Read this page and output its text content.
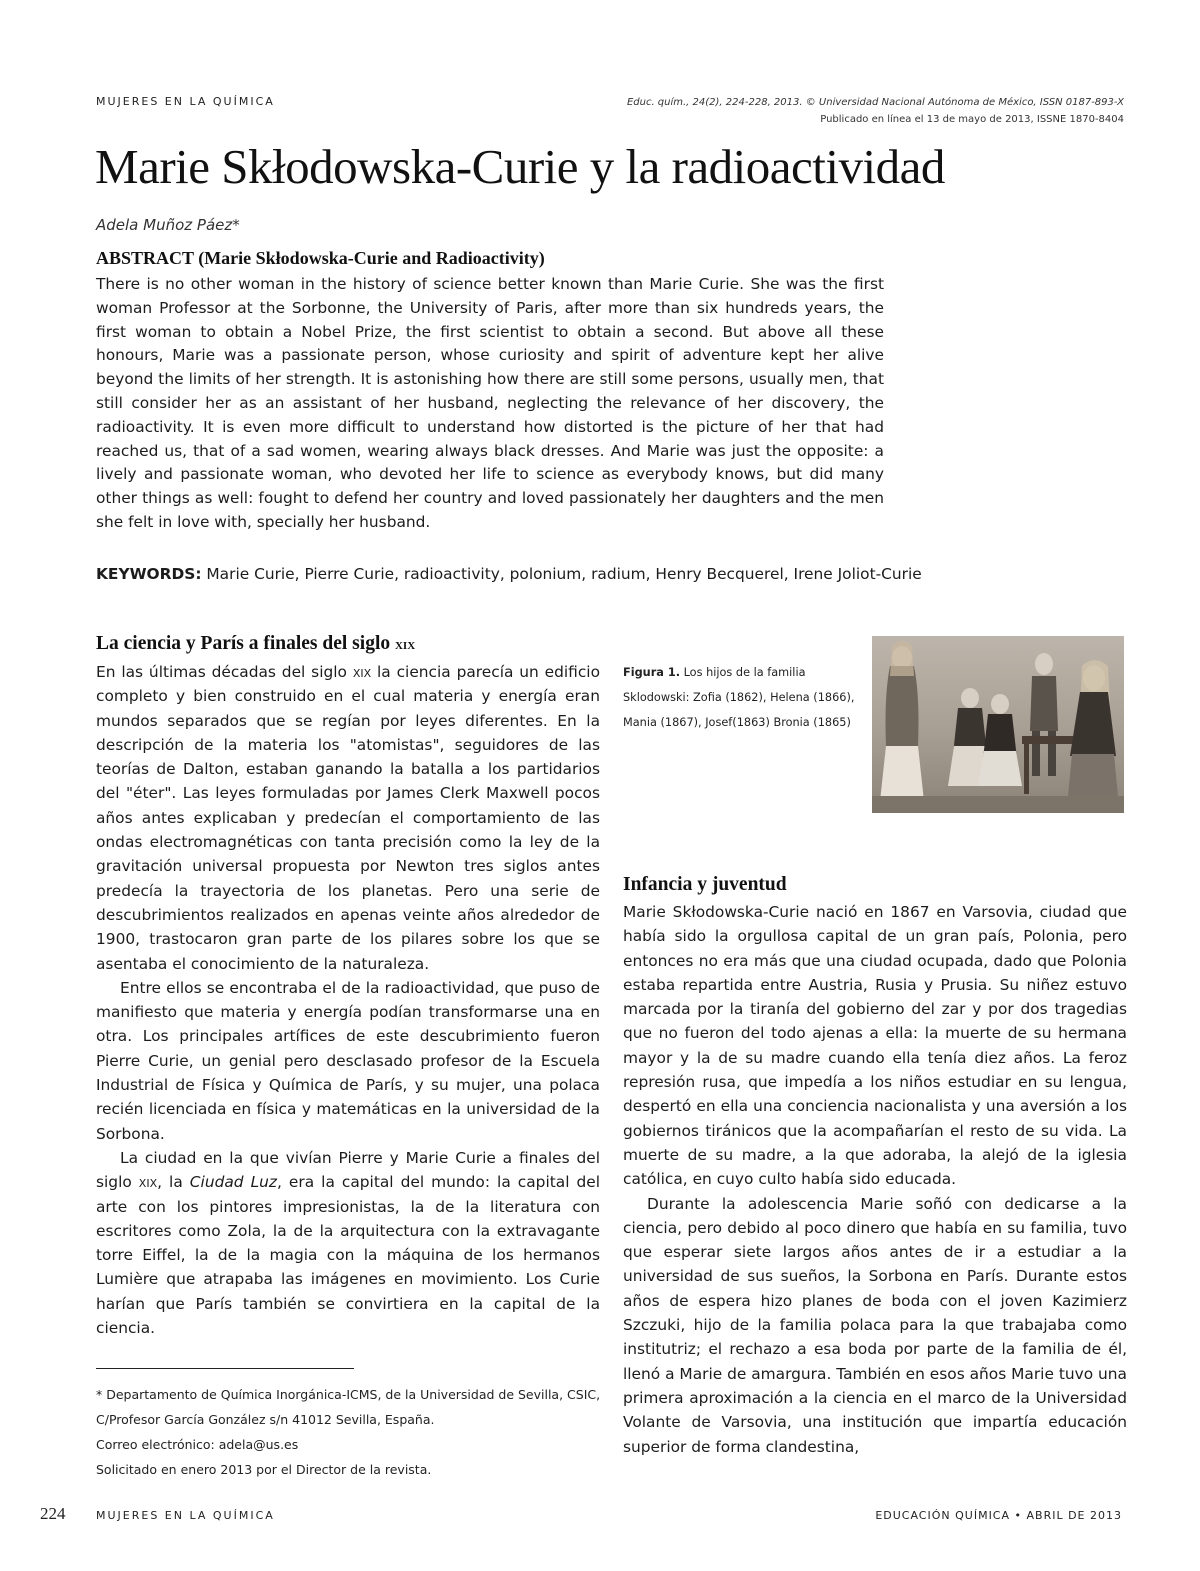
MUJERES EN LA QUÍMICA	Educ. quím., 24(2), 224-228, 2013. © Universidad Nacional Autónoma de México, ISSN 0187-893-X
Publicado en línea el 13 de mayo de 2013, ISSNE 1870-8404
Marie Skłodowska-Curie y la radioactividad
Adela Muñoz Páez*
ABSTRACT (Marie Skłodowska-Curie and Radioactivity)

There is no other woman in the history of science better known than Marie Curie. She was the first woman Professor at the Sorbonne, the University of Paris, after more than six hundreds years, the first woman to obtain a Nobel Prize, the first scientist to obtain a second. But above all these honours, Marie was a passionate person, whose curiosity and spirit of adventure kept her alive beyond the limits of her strength. It is astonishing how there are still some persons, usually men, that still consider her as an assistant of her husband, neglecting the relevance of her discovery, the radioactivity. It is even more difficult to understand how distorted is the picture of her that had reached us, that of a sad women, wearing always black dresses. And Marie was just the opposite: a lively and passionate woman, who devoted her life to science as everybody knows, but did many other things as well: fought to defend her country and loved passionately her daughters and the men she felt in love with, specially her husband.

KEYWORDS: Marie Curie, Pierre Curie, radioactivity, polonium, radium, Henry Becquerel, Irene Joliot-Curie
La ciencia y París a finales del siglo xix

En las últimas décadas del siglo xix la ciencia parecía un edificio completo y bien construido en el cual materia y energía eran mundos separados que se regían por leyes diferentes. En la descripción de la materia los "atomistas", seguidores de las teorías de Dalton, estaban ganando la batalla a los partidarios del "éter". Las leyes formuladas por James Clerk Maxwell pocos años antes explicaban y predecían el comportamiento de las ondas electromagnéticas con tanta precisión como la ley de la gravitación universal propuesta por Newton tres siglos antes predecía la trayectoria de los planetas. Pero una serie de descubrimientos realizados en apenas veinte años alrededor de 1900, trastocaron gran parte de los pilares sobre los que se asentaba el conocimiento de la naturaleza.

Entre ellos se encontraba el de la radioactividad, que puso de manifiesto que materia y energía podían transformarse una en otra. Los principales artífices de este descubrimiento fueron Pierre Curie, un genial pero desclasado profesor de la Escuela Industrial de Física y Química de París, y su mujer, una polaca recién licenciada en física y matemáticas en la universidad de la Sorbona.

La ciudad en la que vivían Pierre y Marie Curie a finales del siglo xix, la Ciudad Luz, era la capital del mundo: la capital del arte con los pintores impresionistas, la de la literatura con escritores como Zola, la de la arquitectura con la extravagante torre Eiffel, la de la magia con la máquina de los hermanos Lumière que atrapaba las imágenes en movimiento. Los Curie harían que París también se convirtiera en la capital de la ciencia.

Figura 1. Los hijos de la familia Sklodowski: Zofia (1862), Helena (1866), Mania (1867), Josef(1863) Bronia (1865)
Infancia y juventud

Marie Skłodowska-Curie nació en 1867 en Varsovia, ciudad que había sido la orgullosa capital de un gran país, Polonia, pero entonces no era más que una ciudad ocupada, dado que Polonia estaba repartida entre Austria, Rusia y Prusia. Su niñez estuvo marcada por la tiranía del gobierno del zar y por dos tragedias que no fueron del todo ajenas a ella: la muerte de su hermana mayor y la de su madre cuando ella tenía diez años. La feroz represión rusa, que impedía a los niños estudiar en su lengua, despertó en ella una conciencia nacionalista y una aversión a los gobiernos tiránicos que la acompañarían el resto de su vida. La muerte de su madre, a la que adoraba, la alejó de la iglesia católica, en cuyo culto había sido educada.

Durante la adolescencia Marie soñó con dedicarse a la ciencia, pero debido al poco dinero que había en su familia, tuvo que esperar siete largos años antes de ir a estudiar a la universidad de sus sueños, la Sorbona en París. Durante estos años de espera hizo planes de boda con el joven Kazimierz Szczuki, hijo de la familia polaca para la que trabajaba como institutriz; el rechazo a esa boda por parte de la familia de él, llenó a Marie de amargura. También en esos años Marie tuvo una primera aproximación a la ciencia en el marco de la Universidad Volante de Varsovia, una institución que impartía educación superior de forma clandestina,

* Departamento de Química Inorgánica-ICMS, de la Universidad de Sevilla, CSIC, C/Profesor García González s/n 41012 Sevilla, España.

Correo electrónico: adela@us.es

Solicitado en enero 2013 por el Director de la revista.

224	MUJERES EN LA QUÍMICA	EDUCACIÓN QUÍMICA • ABRIL DE 2013
